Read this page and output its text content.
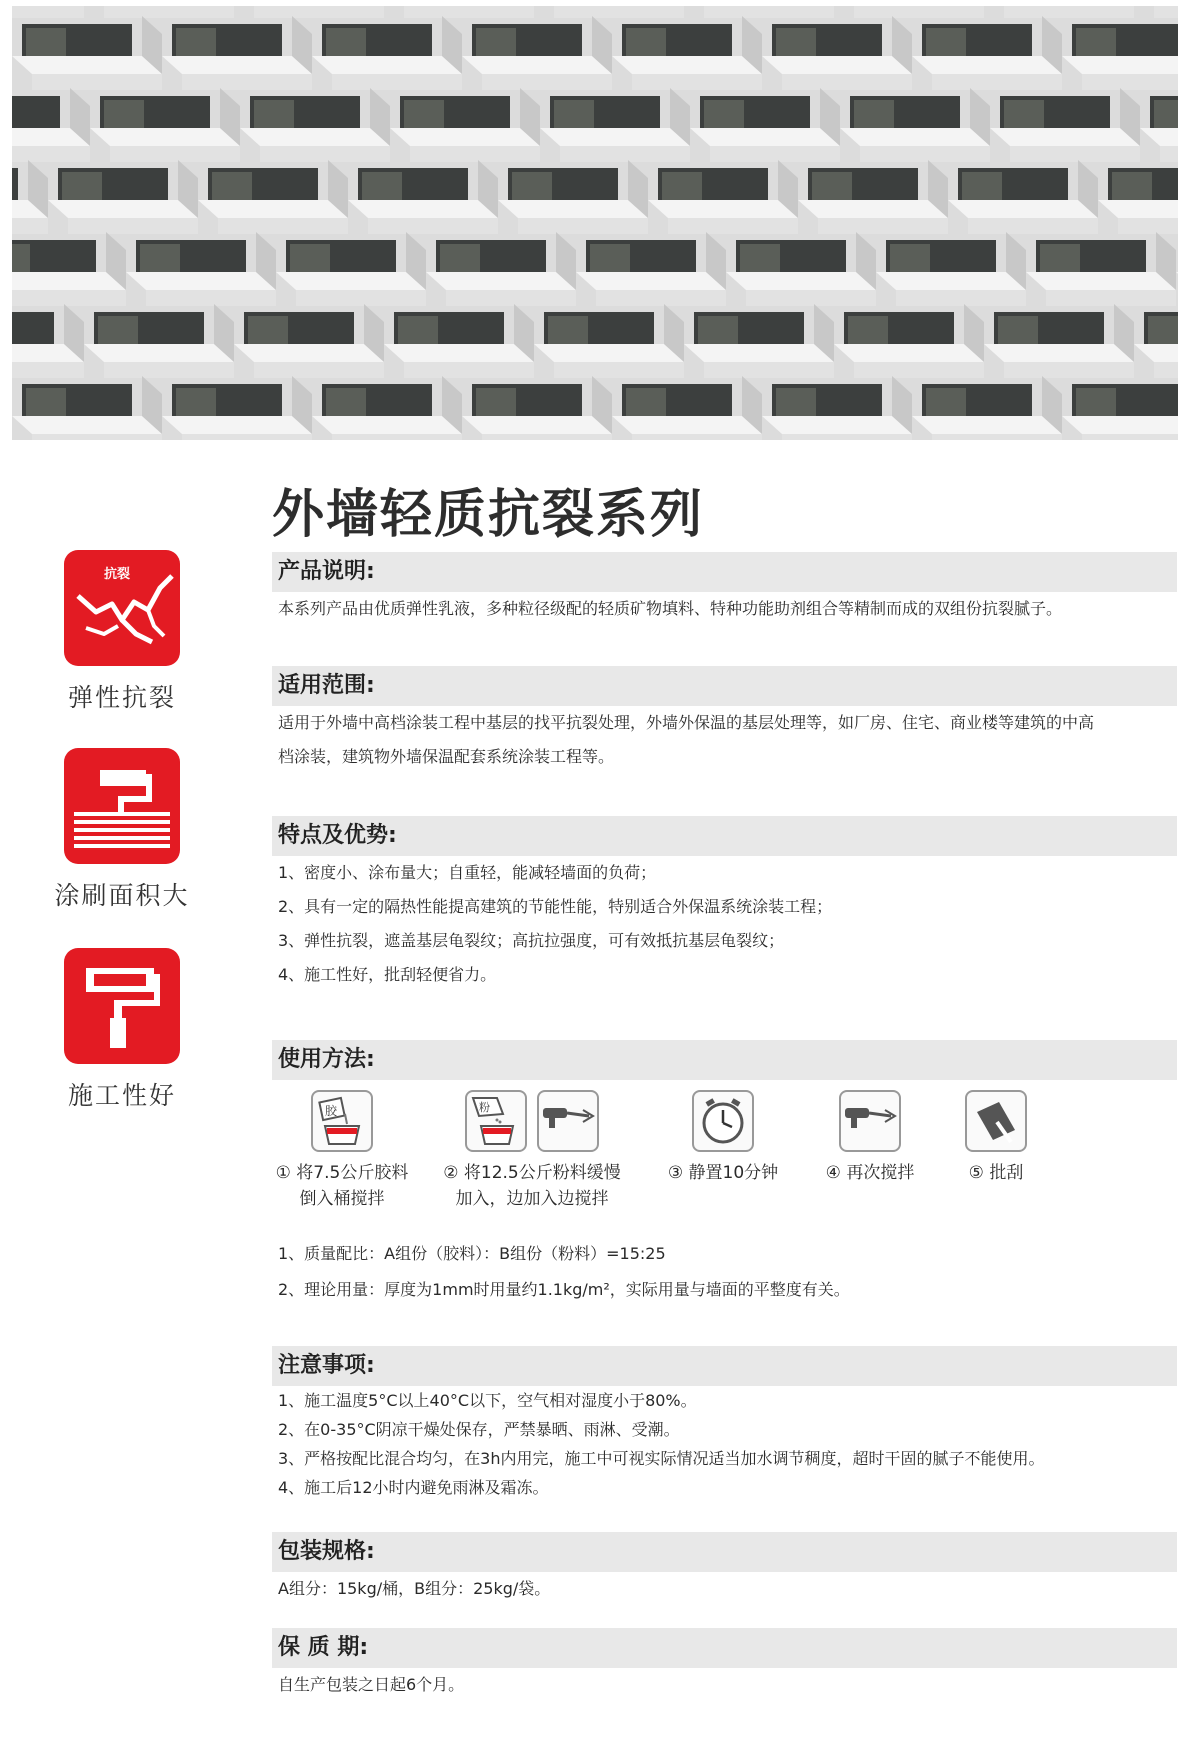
外墙轻质抗裂系列
抗裂
弹性抗裂
涂刷面积大
施工性好
产品说明:

本系列产品由优质弹性乳液，多种粒径级配的轻质矿物填料、特种功能助剂组合等精制而成的双组份抗裂腻子。

适用范围:

适用于外墙中高档涂装工程中基层的找平抗裂处理，外墙外保温的基层处理等，如厂房、住宅、商业楼等建筑的中高

档涂装，建筑物外墙保温配套系统涂装工程等。

特点及优势:

1、密度小、涂布量大；自重轻，能减轻墙面的负荷；

2、具有一定的隔热性能提高建筑的节能性能，特别适合外保温系统涂装工程；

3、弹性抗裂，遮盖基层龟裂纹；高抗拉强度，可有效抵抗基层龟裂纹；

4、施工性好，批刮轻便省力。

使用方法:
胶
① 将7.5公斤胶料
倒入桶搅拌
粉
② 将12.5公斤粉料缓慢
加入，边加入边搅拌
③ 静置10分钟	④ 再次搅拌	⑤ 批刮

1、质量配比：A组份（胶料）：B组份（粉料）=15:25

2、理论用量：厚度为1mm时用量约1.1kg/m²，实际用量与墙面的平整度有关。

注意事项:

1、施工温度5°C以上40°C以下，空气相对湿度小于80%。

2、在0-35°C阴凉干燥处保存，严禁暴晒、雨淋、受潮。

3、严格按配比混合均匀，在3h内用完，施工中可视实际情况适当加水调节稠度，超时干固的腻子不能使用。

4、施工后12小时内避免雨淋及霜冻。

包装规格:

A组分：15kg/桶，B组分：25kg/袋。

保 质 期:

自生产包装之日起6个月。
